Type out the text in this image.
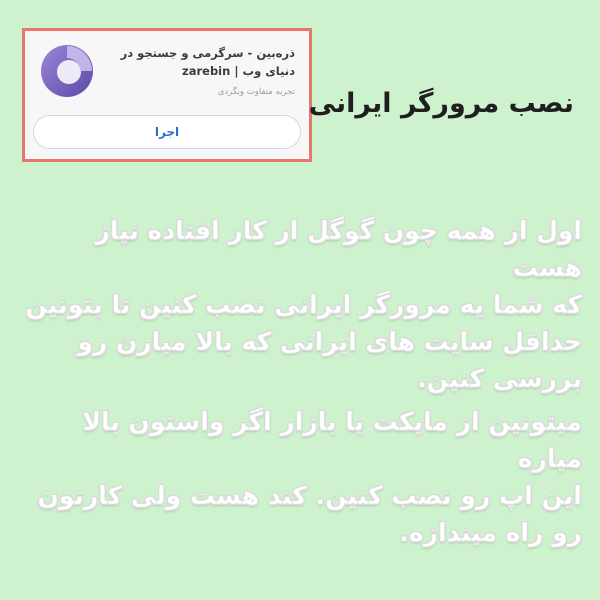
ذره‌بین - سرگرمی و جستجو در دنیای وب | zarebin
تجربه متفاوت وبگردی
اجرا
نصب مرورگر ایرانی
اول از همه چون گوگل از کار افتاده نیاز هست
که شما یه مرورگر ایرانی نصب کنین تا بتونین
حداقل سایت های ایرانی که بالا میارن رو
بررسی کنین.
میتونین از مایکت یا بازار اگر واستون بالا میاره
این اپ رو نصب کنین. کند هست ولی کارتون
رو راه میندازه.
